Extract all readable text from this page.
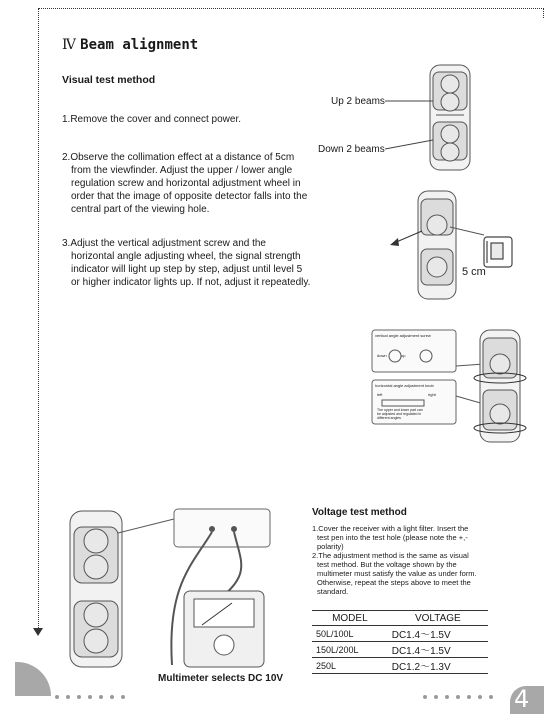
Ⅳ Beam alignment
Visual test method
1.Remove the cover and connect power.
2.Observe the collimation effect at a distance of 5cm
from the viewfinder. Adjust the upper / lower angle
regulation screw and horizontal adjustment wheel in
order that the image of opposite detector falls into the
central part of the viewing hole.
3.Adjust the vertical adjustment screw and the
horizontal angle adjusting wheel, the signal strength
indicator will light up step by step, adjust until level 5
or higher indicator lights up. If not, adjust it repeatedly.
Up 2 beams
Down 2 beams
5 cm
vertical angle adjustment screw
down	up
horizontal angle adjustment knob
left	right
The upper and lower part can
be adjusted and regulated in
different angles
Multimeter selects DC 10V
Voltage test method
1.Cover the receiver with a light filter. Insert the
test pen into the test hole (please note the +,-
polarity)
2.The adjustment method is the same as visual
test method. But the voltage shown by the
multimeter must satisfy the value as under form.
Otherwise, repeat the steps above to meet the
standard.
MODEL	VOLTAGE
50L/100L	DC1.4～1.5V
150L/200L	DC1.4～1.5V
250L	DC1.2～1.3V
4
